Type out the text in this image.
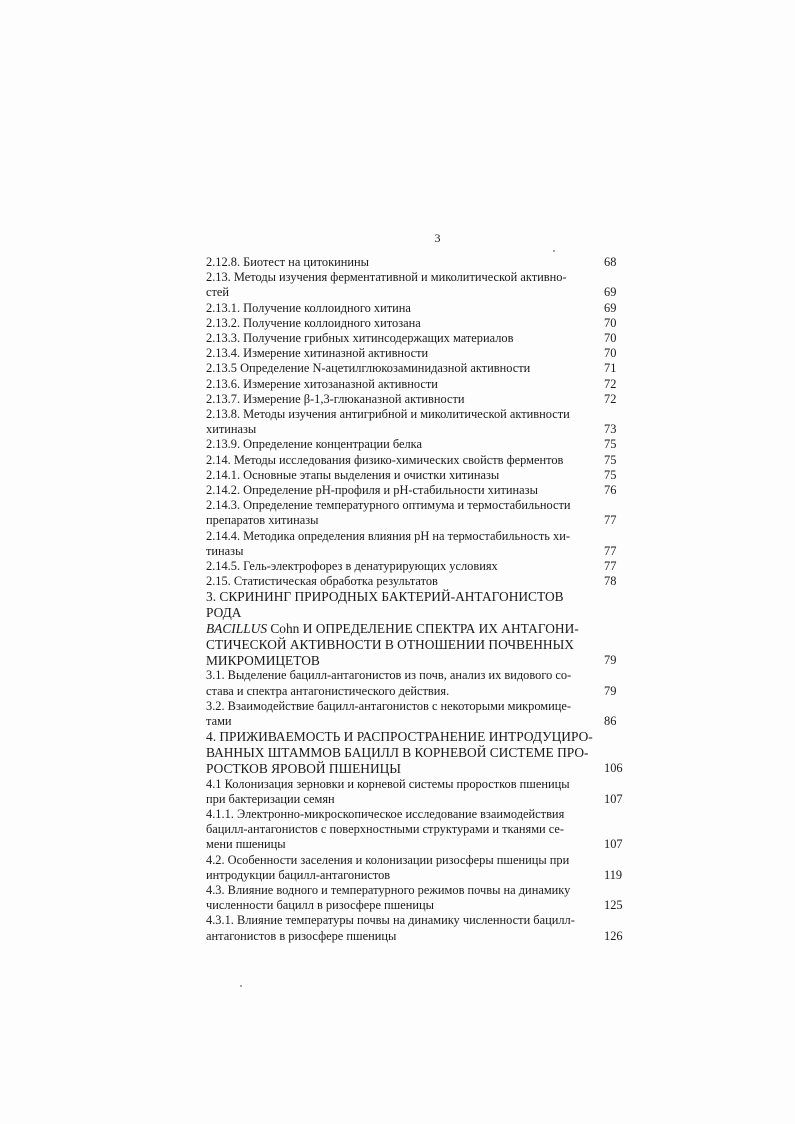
3
2.12.8. Биотест на цитокинины	68
2.13. Методы изучения ферментативной и миколитической активно-
стей	69
2.13.1. Получение коллоидного хитина	69
2.13.2. Получение коллоидного хитозана	70
2.13.3. Получение грибных хитинсодержащих материалов	70
2.13.4. Измерение хитиназной активности	70
2.13.5 Определение N-ацетилглюкозаминидазной активности	71
2.13.6. Измерение хитозаназной активности	72
2.13.7. Измерение β-1,3-глюканазной активности	72
2.13.8. Методы изучения антигрибной и миколитической активности
хитиназы	73
2.13.9. Определение концентрации белка	75
2.14. Методы исследования физико-химических свойств ферментов	75
2.14.1. Основные этапы выделения и очистки хитиназы	75
2.14.2. Определение pH-профиля и pH-стабильности хитиназы	76
2.14.3. Определение температурного оптимума и термостабильности
препаратов хитиназы	77
2.14.4. Методика определения влияния pH на термостабильность хи-
тиназы	77
2.14.5. Гель-электрофорез в денатурирующих условиях	77
2.15. Статистическая обработка результатов	78
3. СКРИНИНГ ПРИРОДНЫХ БАКТЕРИЙ-АНТАГОНИСТОВ РОДА
BACILLUS Cohn И ОПРЕДЕЛЕНИЕ СПЕКТРА ИХ АНТАГОНИ-
СТИЧЕСКОЙ АКТИВНОСТИ В ОТНОШЕНИИ ПОЧВЕННЫХ
МИКРОМИЦЕТОВ	79
3.1. Выделение бацилл-антагонистов из почв, анализ их видового со-
става и спектра антагонистического действия.	79
3.2. Взаимодействие бацилл-антагонистов с некоторыми микромице-
тами	86
4. ПРИЖИВАЕМОСТЬ И РАСПРОСТРАНЕНИЕ ИНТРОДУЦИРО-
ВАННЫХ ШТАММОВ БАЦИЛЛ В КОРНЕВОЙ СИСТЕМЕ ПРО-
РОСТКОВ ЯРОВОЙ ПШЕНИЦЫ	106
4.1 Колонизация зерновки и корневой системы проростков пшеницы
при бактеризации семян	107
4.1.1. Электронно-микроскопическое исследование взаимодействия
бацилл-антагонистов с поверхностными структурами и тканями се-
мени пшеницы	107
4.2. Особенности заселения и колонизации ризосферы пшеницы при
интродукции бацилл-антагонистов	119
4.3. Влияние водного и температурного режимов почвы на динамику
численности бацилл в ризосфере пшеницы	125
4.3.1. Влияние температуры почвы на динамику численности бацилл-
антагонистов в ризосфере пшеницы	126
